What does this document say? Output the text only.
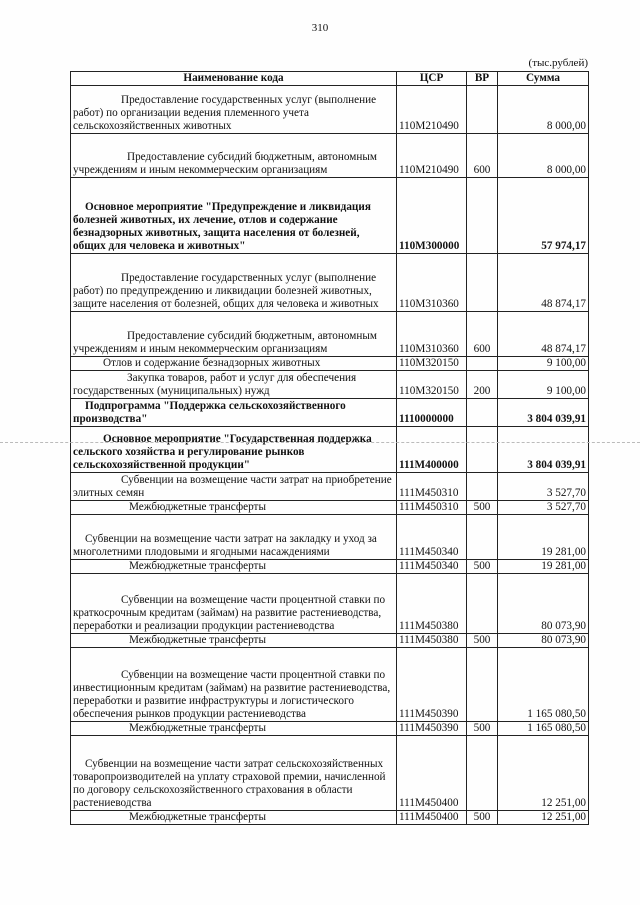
310
(тыс.рублей)
Наименование кода	ЦСР	ВР	Сумма
Предоставление государственных услуг (выполнение работ) по организации ведения племенного учета сельскохозяйственных животных	110М210490		8 000,00
Предоставление субсидий бюджетным, автономным учреждениям и иным некоммерческим организациям	110М210490	600	8 000,00
Основное мероприятие "Предупреждение и ликвидация болезней животных, их лечение, отлов и содержание безнадзорных животных, защита населения от болезней, общих для человека и животных"	110М300000		57 974,17
Предоставление государственных услуг (выполнение работ) по предупреждению и ликвидации болезней животных, защите населения от болезней, общих для человека и животных	110М310360		48 874,17
Предоставление субсидий бюджетным, автономным учреждениям и иным некоммерческим организациям	110М310360	600	48 874,17
Отлов и содержание безнадзорных животных	110М320150		9 100,00
Закупка товаров, работ и услуг для обеспечения государственных (муниципальных) нужд	110М320150	200	9 100,00
Подпрограмма "Поддержка сельскохозяйственного производства"	1110000000		3 804 039,91
Основное мероприятие "Государственная поддержка сельского хозяйства и регулирование рынков сельскохозяйственной продукции"	111М400000		3 804 039,91
Субвенции на возмещение части затрат на приобретение элитных семян	111М450310		3 527,70
Межбюджетные трансферты	111М450310	500	3 527,70
Субвенции на возмещение части затрат на закладку и уход за многолетними плодовыми и ягодными насаждениями	111М450340		19 281,00
Межбюджетные трансферты	111М450340	500	19 281,00
Субвенции на возмещение части процентной ставки по краткосрочным кредитам (займам) на развитие растениеводства, переработки и реализации продукции растениеводства	111М450380		80 073,90
Межбюджетные трансферты	111М450380	500	80 073,90
Субвенции на возмещение части процентной ставки по инвестиционным кредитам (займам) на развитие растениеводства, переработки и развитие инфраструктуры и логистического обеспечения рынков продукции растениеводства	111М450390		1 165 080,50
Межбюджетные трансферты	111М450390	500	1 165 080,50
Субвенции на возмещение части затрат сельскохозяйственных товаропроизводителей на уплату страховой премии, начисленной по договору сельскохозяйственного страхования в области растениеводства	111М450400		12 251,00
Межбюджетные трансферты	111М450400	500	12 251,00
